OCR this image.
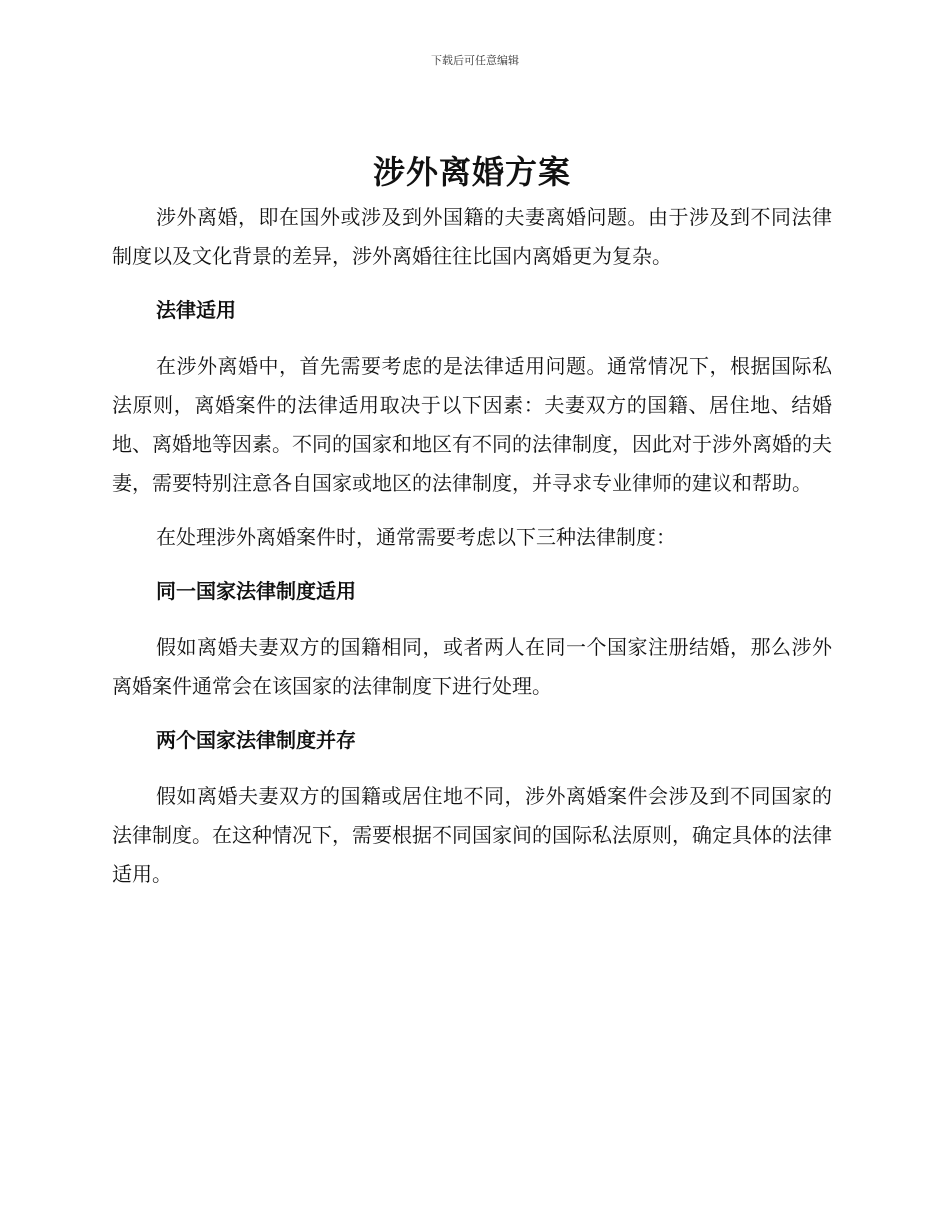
下载后可任意编辑
涉外离婚方案

涉外离婚，即在国外或涉及到外国籍的夫妻离婚问题。由于涉及到不同法律制度以及文化背景的差异，涉外离婚往往比国内离婚更为复杂。

法律适用

在涉外离婚中，首先需要考虑的是法律适用问题。通常情况下，根据国际私法原则，离婚案件的法律适用取决于以下因素：夫妻双方的国籍、居住地、结婚地、离婚地等因素。不同的国家和地区有不同的法律制度，因此对于涉外离婚的夫妻，需要特别注意各自国家或地区的法律制度，并寻求专业律师的建议和帮助。

在处理涉外离婚案件时，通常需要考虑以下三种法律制度：

同一国家法律制度适用

假如离婚夫妻双方的国籍相同，或者两人在同一个国家注册结婚，那么涉外离婚案件通常会在该国家的法律制度下进行处理。

两个国家法律制度并存

假如离婚夫妻双方的国籍或居住地不同，涉外离婚案件会涉及到不同国家的法律制度。在这种情况下，需要根据不同国家间的国际私法原则，确定具体的法律适用。
